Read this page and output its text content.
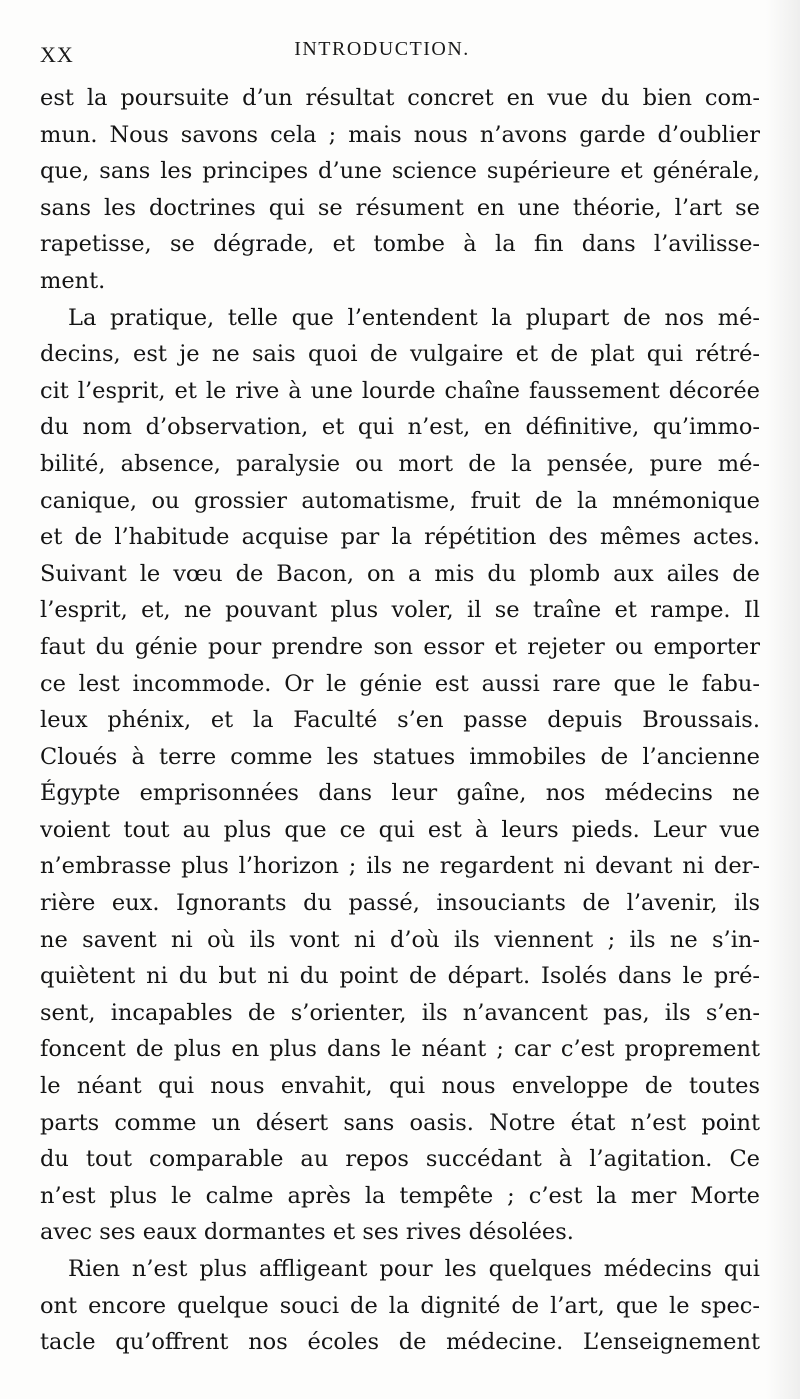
XX	INTRODUCTION.
est la poursuite d’un résultat concret en vue du bien com-
mun. Nous savons cela ; mais nous n’avons garde d’oublier
que, sans les principes d’une science supérieure et générale,
sans les doctrines qui se résument en une théorie, l’art se
rapetisse, se dégrade, et tombe à la fin dans l’avilisse-
ment.
La pratique, telle que l’entendent la plupart de nos mé-
decins, est je ne sais quoi de vulgaire et de plat qui rétré-
cit l’esprit, et le rive à une lourde chaîne faussement décorée
du nom d’observation, et qui n’est, en définitive, qu’immo-
bilité, absence, paralysie ou mort de la pensée, pure mé-
canique, ou grossier automatisme, fruit de la mnémonique
et de l’habitude acquise par la répétition des mêmes actes.
Suivant le vœu de Bacon, on a mis du plomb aux ailes de
l’esprit, et, ne pouvant plus voler, il se traîne et rampe. Il
faut du génie pour prendre son essor et rejeter ou emporter
ce lest incommode. Or le génie est aussi rare que le fabu-
leux phénix, et la Faculté s’en passe depuis Broussais.
Cloués à terre comme les statues immobiles de l’ancienne
Égypte emprisonnées dans leur gaîne, nos médecins ne
voient tout au plus que ce qui est à leurs pieds. Leur vue
n’embrasse plus l’horizon ; ils ne regardent ni devant ni der-
rière eux. Ignorants du passé, insouciants de l’avenir, ils
ne savent ni où ils vont ni d’où ils viennent ; ils ne s’in-
quiètent ni du but ni du point de départ. Isolés dans le pré-
sent, incapables de s’orienter, ils n’avancent pas, ils s’en-
foncent de plus en plus dans le néant ; car c’est proprement
le néant qui nous envahit, qui nous enveloppe de toutes
parts comme un désert sans oasis. Notre état n’est point
du tout comparable au repos succédant à l’agitation. Ce
n’est plus le calme après la tempête ; c’est la mer Morte
avec ses eaux dormantes et ses rives désolées.
Rien n’est plus affligeant pour les quelques médecins qui
ont encore quelque souci de la dignité de l’art, que le spec-
tacle qu’offrent nos écoles de médecine. L’enseignement
